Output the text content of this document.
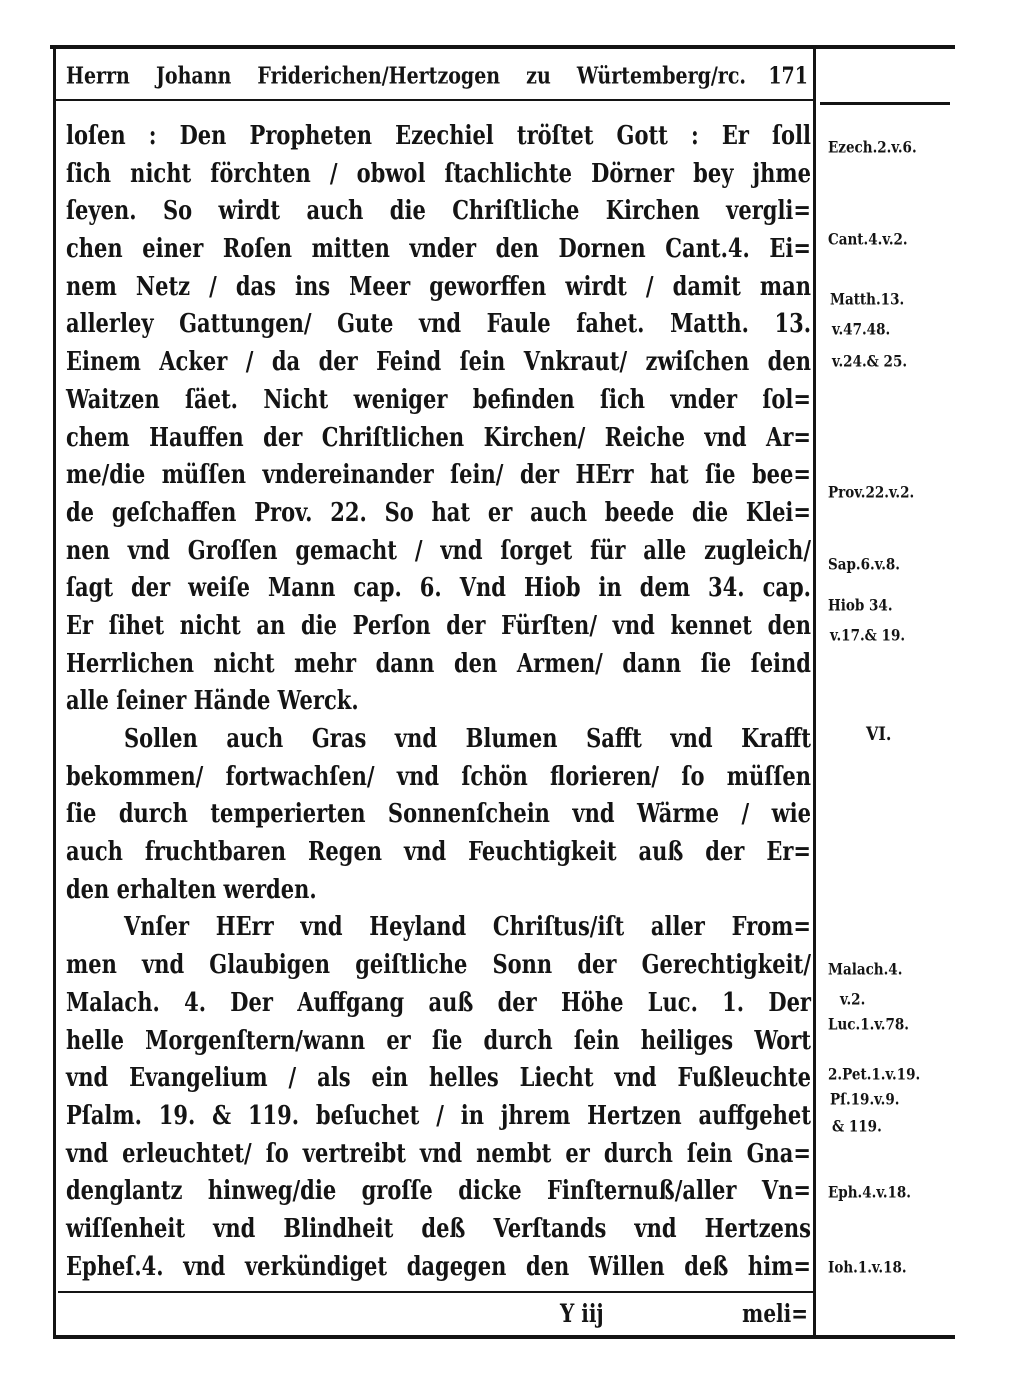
Herrn Johann Friderichen/Hertzogen zu Würtemberg/rc.	171
loſen : Den Propheten Ezechiel tröſtet Gott : Er ſoll
ſich nicht förchten / obwol ſtachlichte Dörner bey jhme
ſeyen. So wirdt auch die Chriſtliche Kirchen vergli=
chen einer Roſen mitten vnder den Dornen Cant.4. Ei=
nem Netz / das ins Meer geworffen wirdt / damit man
allerley Gattungen/ Gute vnd Faule fahet. Matth. 13.
Einem Acker / da der Feind ſein Vnkraut/ zwiſchen den
Waitzen ſäet. Nicht weniger befinden ſich vnder ſol=
chem Hauffen der Chriſtlichen Kirchen/ Reiche vnd Ar=
me/die müſſen vndereinander ſein/ der HErr hat ſie bee=
de geſchaffen Prov. 22. So hat er auch beede die Klei=
nen vnd Groſſen gemacht / vnd ſorget für alle zugleich/
ſagt der weiſe Mann cap. 6. Vnd Hiob in dem 34. cap.
Er ſihet nicht an die Perſon der Fürſten/ vnd kennet den
Herrlichen nicht mehr dann den Armen/ dann ſie ſeind
alle ſeiner Hände Werck.
Sollen auch Gras vnd Blumen Safft vnd Krafft
bekommen/ fortwachſen/ vnd ſchön florieren/ ſo müſſen
ſie durch temperierten Sonnenſchein vnd Wärme / wie
auch fruchtbaren Regen vnd Feuchtigkeit auß der Er=
den erhalten werden.
Vnſer HErr vnd Heyland Chriſtus/iſt aller From=
men vnd Glaubigen geiſtliche Sonn der Gerechtigkeit/
Malach. 4. Der Auffgang auß der Höhe Luc. 1. Der
helle Morgenſtern/wann er ſie durch ſein heiliges Wort
vnd Evangelium / als ein helles Liecht vnd Fußleuchte
Pſalm. 19. & 119. beſuchet / in jhrem Hertzen auffgehet
vnd erleuchtet/ ſo vertreibt vnd nembt er durch ſein Gna=
denglantz hinweg/die groſſe dicke Finſternuß/aller Vn=
wiſſenheit vnd Blindheit deß Verſtands vnd Hertzens
Epheſ.4. vnd verkündiget dagegen den Willen deß him=
Ezech.2.v.6.
Cant.4.v.2.
Matth.13.
v.47.48.
v.24.& 25.
Prov.22.v.2.
Sap.6.v.8.
Hiob 34.
v.17.& 19.
VI.
Malach.4.
v.2.
Luc.1.v.78.
2.Pet.1.v.19.
Pſ.19.v.9.
& 119.
Eph.4.v.18.
Ioh.1.v.18.
Y iij	meli=
